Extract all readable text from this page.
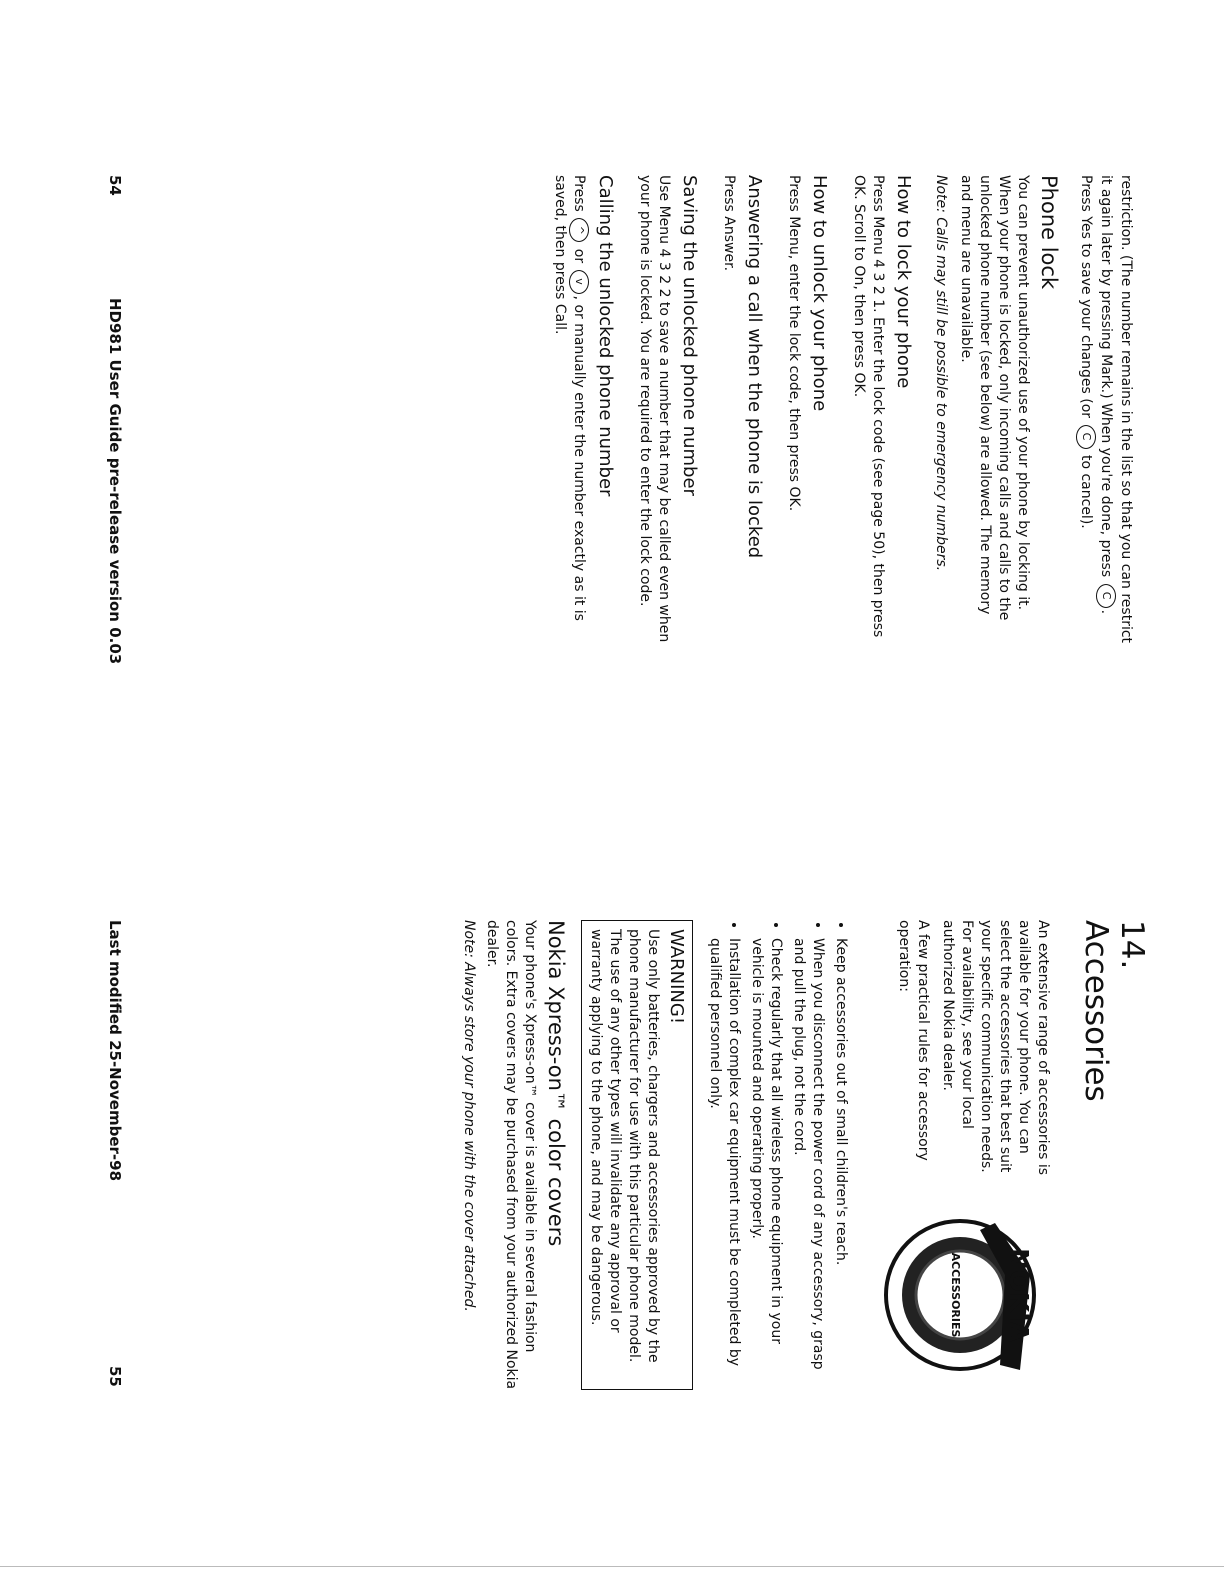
restriction. (The number remains in the list so that you can restrict it again later by pressing Mark.) When you're done, press C. Press Yes to save your changes (or C to cancel).
Phone lock
You can prevent unauthorized use of your phone by locking it. When your phone is locked, only incoming calls and calls to the unlocked phone number (see below) are allowed. The memory and menu are unavailable.
Note: Calls may still be possible to emergency numbers.
How to lock your phone
Press Menu 4 3 2 1. Enter the lock code (see page 50), then press OK. Scroll to On, then press OK.
How to unlock your phone
Press Menu, enter the lock code, then press OK.
Answering a call when the phone is locked
Press Answer.
Saving the unlocked phone number
Use Menu 4 3 2 2 to save a number that may be called even when your phone is locked. You are required to enter the lock code.
Calling the unlocked phone number
Press ^ or v, or manually enter the number exactly as it is saved, then press Call.
54
HD981 User Guide pre-release version 0.03
14. Accessories
An extensive range of accessories is available for your phone. You can select the accessories that best suit your specific communication needs. For availability, see your local authorized Nokia dealer.
A few practical rules for accessory operation:
NOKIA
ACCESSORIES
• Keep accessories out of small children's reach.
• When you disconnect the power cord of any accessory, grasp and pull the plug, not the cord.
• Check regularly that all wireless phone equipment in your vehicle is mounted and operating properly.
• Installation of complex car equipment must be completed by qualified personnel only.
WARNING!
Use only batteries, chargers and accessories approved by the phone manufacturer for use with this particular phone model. The use of any other types will invalidate any approval or warranty applying to the phone, and may be dangerous.
Nokia Xpress-on™ color covers
Your phone's Xpress-on™ cover is available in several fashion colors. Extra covers may be purchased from your authorized Nokia dealer.
Note: Always store your phone with the cover attached.
Last modified 25-November-98
55
